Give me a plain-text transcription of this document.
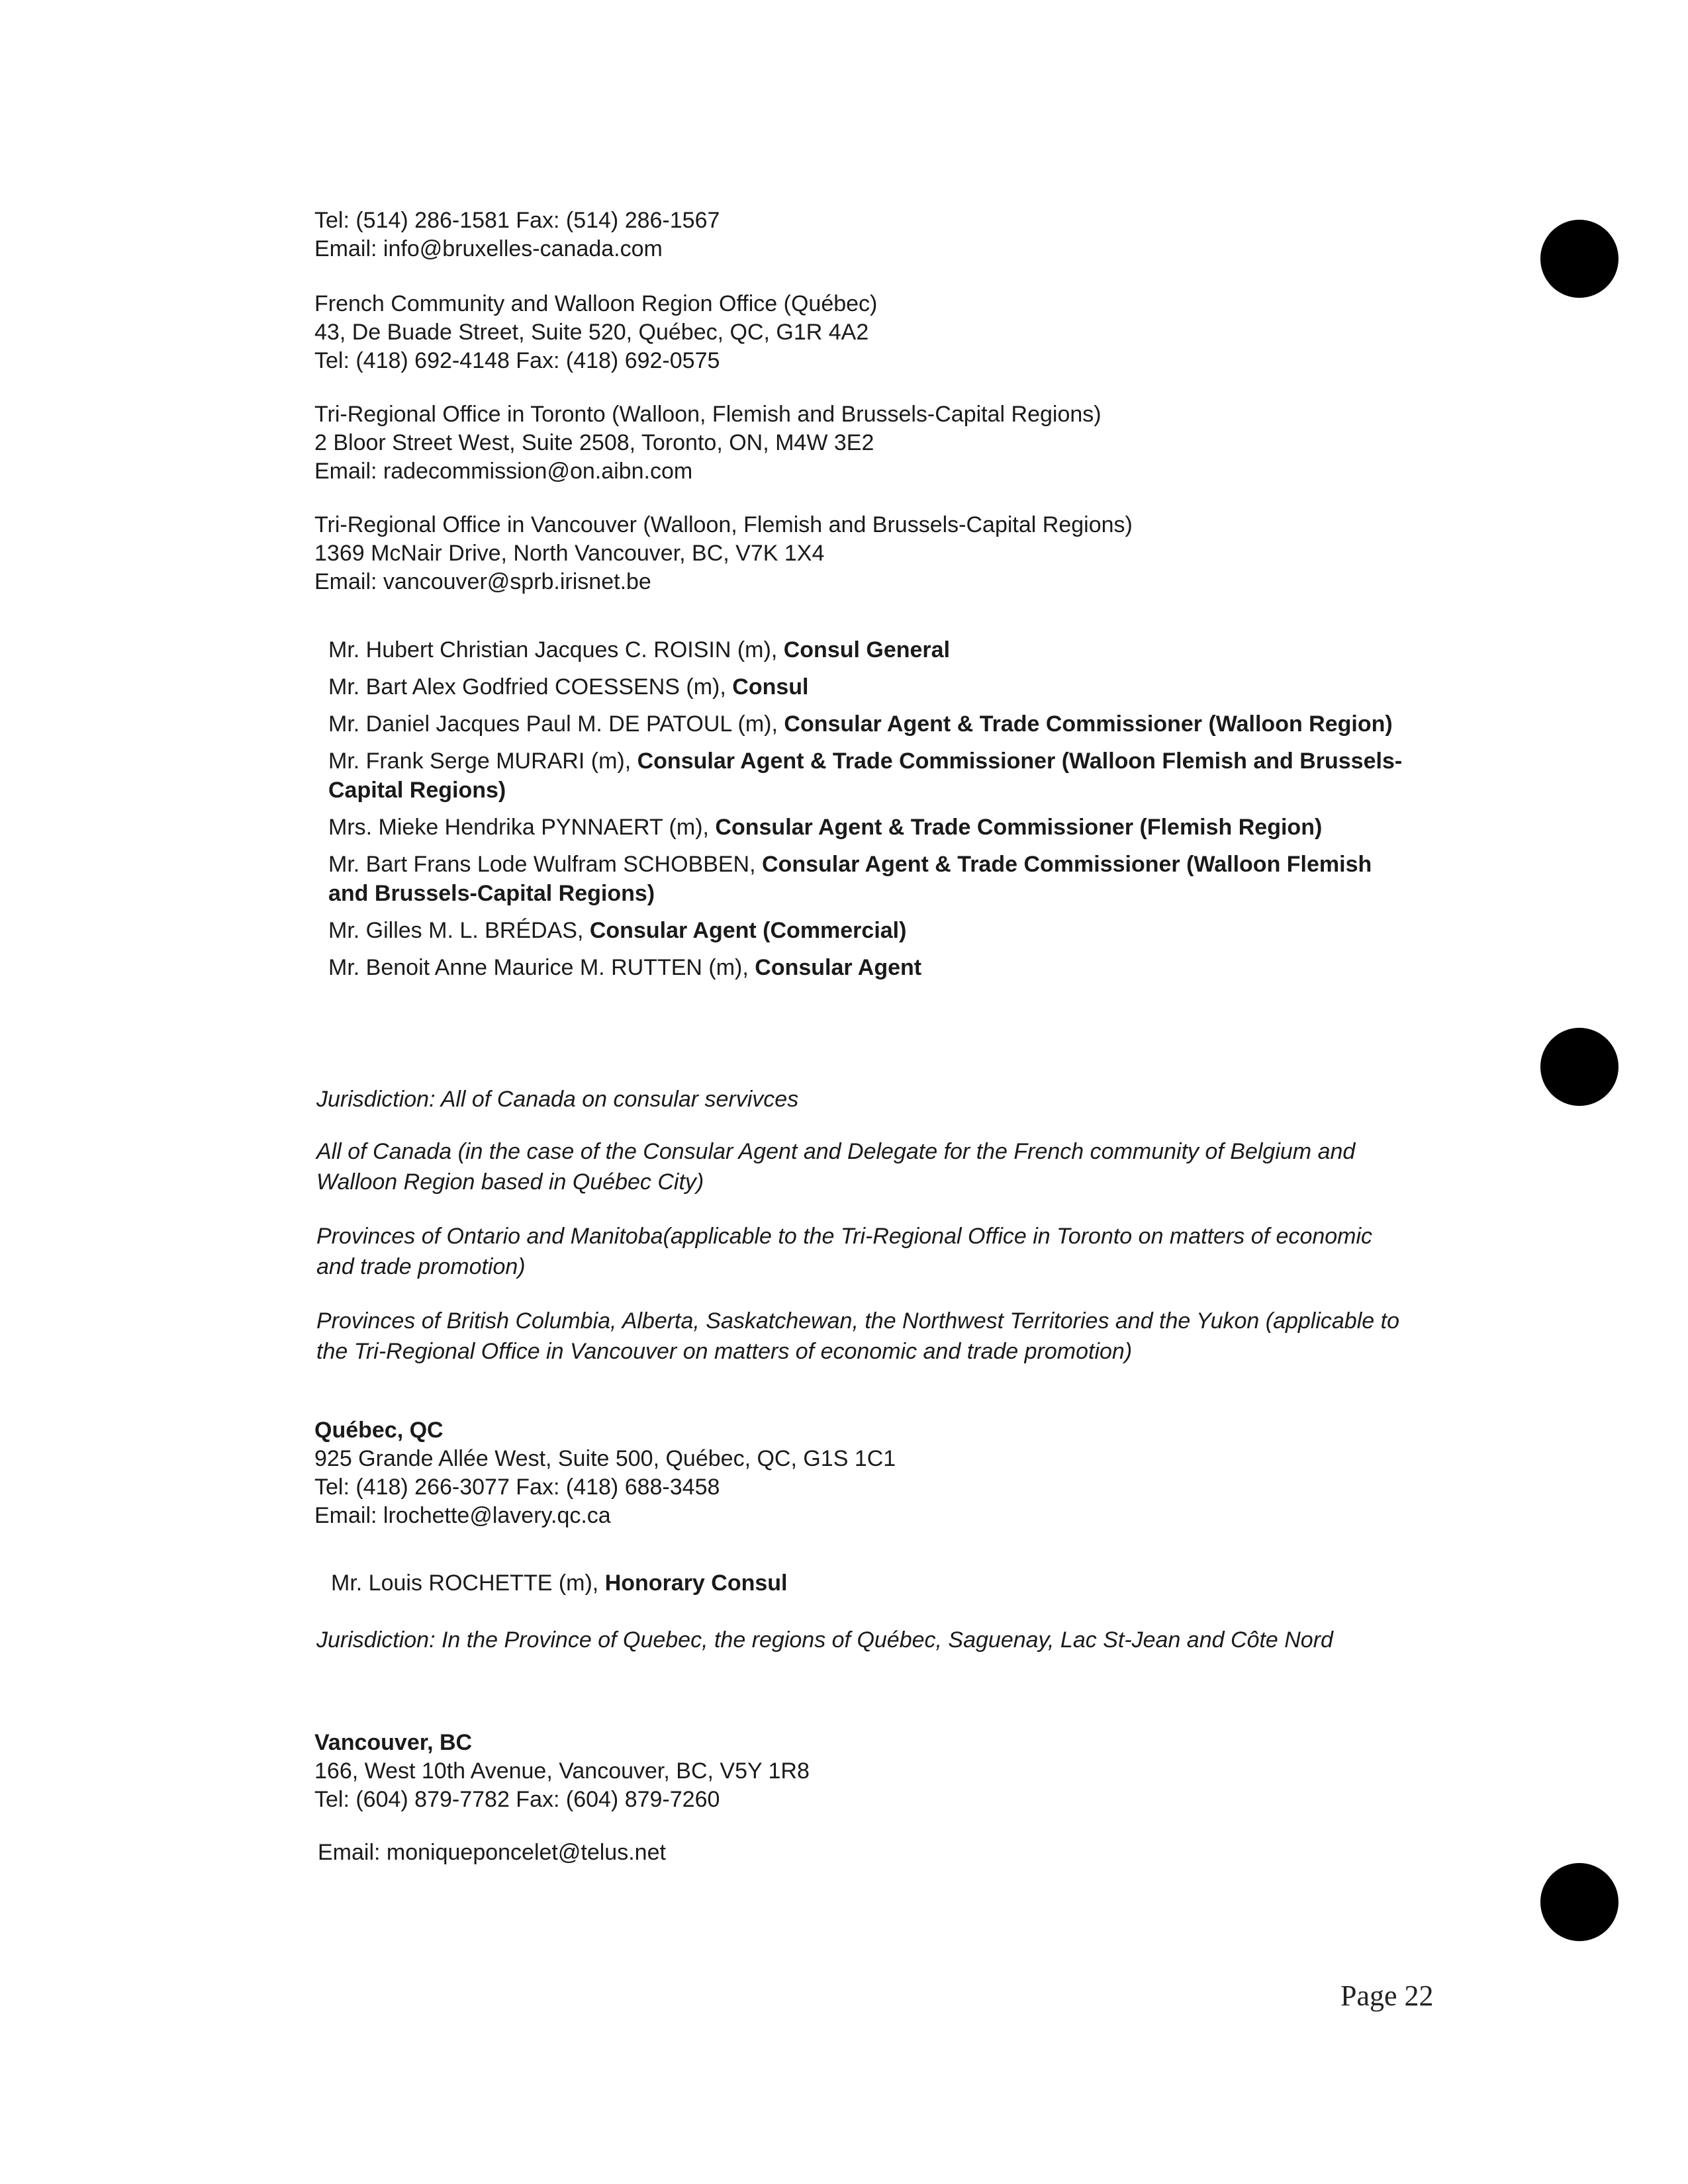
Tel: (514) 286-1581 Fax: (514) 286-1567

Email: info@bruxelles-canada.com

French Community and Walloon Region Office (Québec)

43, De Buade Street, Suite 520, Québec, QC, G1R 4A2

Tel: (418) 692-4148 Fax: (418) 692-0575

Tri-Regional Office in Toronto (Walloon, Flemish and Brussels-Capital Regions)

2 Bloor Street West, Suite 2508, Toronto, ON, M4W 3E2

Email: radecommission@on.aibn.com

Tri-Regional Office in Vancouver (Walloon, Flemish and Brussels-Capital Regions)

1369 McNair Drive, North Vancouver, BC, V7K 1X4

Email: vancouver@sprb.irisnet.be

Mr. Hubert Christian Jacques C. ROISIN (m), Consul General

Mr. Bart Alex Godfried COESSENS (m), Consul

Mr. Daniel Jacques Paul M. DE PATOUL (m), Consular Agent & Trade Commissioner (Walloon Region)

Mr. Frank Serge MURARI (m), Consular Agent & Trade Commissioner (Walloon Flemish and Brussels-Capital Regions)

Mrs. Mieke Hendrika PYNNAERT (m), Consular Agent & Trade Commissioner (Flemish Region)

Mr. Bart Frans Lode Wulfram SCHOBBEN, Consular Agent & Trade Commissioner (Walloon Flemish and Brussels-Capital Regions)

Mr. Gilles M. L. BRÉDAS, Consular Agent (Commercial)

Mr. Benoit Anne Maurice M. RUTTEN (m), Consular Agent

Jurisdiction: All of Canada on consular servivces

All of Canada (in the case of the Consular Agent and Delegate for the French community of Belgium and Walloon Region based in Québec City)

Provinces of Ontario and Manitoba(applicable to the Tri-Regional Office in Toronto on matters of economic and trade promotion)

Provinces of British Columbia, Alberta, Saskatchewan, the Northwest Territories and the Yukon (applicable to the Tri-Regional Office in Vancouver on matters of economic and trade promotion)

Québec, QC

925 Grande Allée West, Suite 500, Québec, QC, G1S 1C1

Tel: (418) 266-3077 Fax: (418) 688-3458

Email: lrochette@lavery.qc.ca

Mr. Louis ROCHETTE (m), Honorary Consul

Jurisdiction: In the Province of Quebec, the regions of Québec, Saguenay, Lac St-Jean and Côte Nord

Vancouver, BC

166, West 10th Avenue, Vancouver, BC, V5Y 1R8

Tel: (604) 879-7782 Fax: (604) 879-7260

Email: moniqueponcelet@telus.net

Page 22
